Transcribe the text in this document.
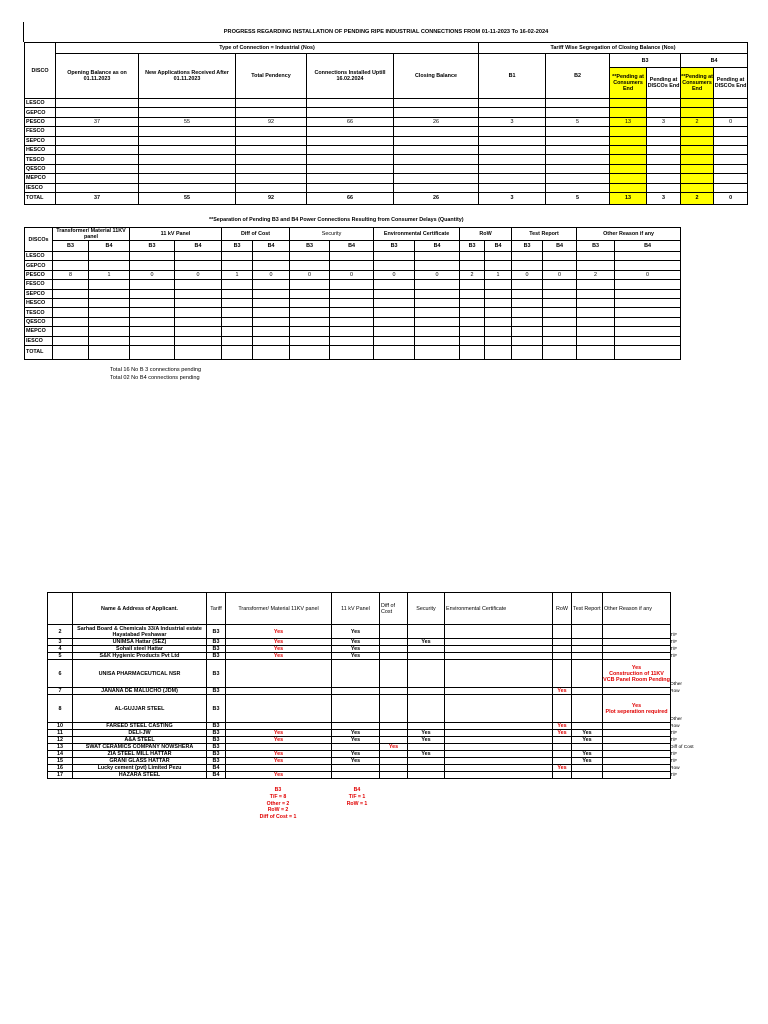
PROGRESS REGARDING INSTALLATION OF PENDING RIPE INDUSTRIAL CONNECTIONS FROM 01-11-2023 To 16-02-2024
DISCO	Type of Connection = Industrial (Nos)					Tariff Wise Segregation of Closing Balance (Nos)					
	Opening Balance as on 01.11.2023	New Applications Received After 01.11.2023	Total Pendency	Connections Installed Uptill 16.02.2024	Closing Balance	B1	B2	B3		B4	
								**Pending at Consumers End	Pending at DISCOs End	**Pending at Consumers End	Pending at DISCOs End
LESCO											
GEPCO											
PESCO	37	55	92	66	26	3	5	13	3	2	0
FESCO											
SEPCO											
HESCO											
TESCO											
QESCO											
MEPCO											
IESCO											
TOTAL	37	55	92	66	26	3	5	13	3	2	0
**Separation of Pending B3 and B4 Power Connections Resulting from Consumer Delays (Quantity)
DISCOs	Transformer/ Material 11KV panel		11 kV Panel		Diff of Cost		Security		Environmental Certificate		RoW		Test Report		Other Reason if any	
	B3	B4	B3	B4	B3	B4	B3	B4	B3	B4	B3	B4	B3	B4	B3	B4
LESCO																
GEPCO																
PESCO	8	1	0	0	1	0	0	0	0	0	2	1	0	0	2	0
FESCO																
SEPCO																
HESCO																
TESCO																
QESCO																
MEPCO																
IESCO																
TOTAL																
Total 16 No B 3 connections pending
Total 02 No B4 connections pending
	Name & Address of Applicant.	Tariff	Transformer/ Material 11KV panel	11 kV Panel	Diff of Cost	Security	Environmental Certificate	RoW	Test Report	Other Reason if any
2	Sarhad Board & Chemicals 33/A Industrial estate Hayatabad Peshawar	B3	Yes	Yes						
3	UNIMSA Hattar (SEZ)	B3	Yes	Yes		Yes				
4	Sohail steel Hattar	B3	Yes	Yes						
5	S&K Hygienic Products Pvt Ltd	B3	Yes	Yes						
6	UNISA PHARMACEUTICAL NSR	B3								Yes
Construction of 11KV VCB Panel Room Pending
7	JANANA DE MALUCHO (JDM)	B3						Yes		
8	AL-GUJJAR STEEL	B3								Yes
Plot seperation required
10	FAREED STEEL CASTING	B3						Yes		
11	DELI-JW	B3	Yes	Yes		Yes		Yes	Yes	
12	A&A STEEL	B3	Yes	Yes		Yes			Yes	
13	SWAT CERAMICS COMPANY NOWSHERA	B3			Yes					
14	ZIA STEEL MILL HATTAR	B3	Yes	Yes		Yes			Yes	
15	GRANI GLASS HATTAR	B3	Yes	Yes					Yes	
16	Lucky cement (pvt) Limited Pezu	B4						Yes		
17	HAZARA STEEL	B4	Yes							
T/F
T/F
T/F
T/F
Other
Row
Other
Row
T/F
T/F
Diff of Cost
T/F
T/F
Row
T/F
B3
T/F = 8
Other = 2
RoW = 2
Diff of Cost = 1
B4
T/F = 1
RoW = 1
